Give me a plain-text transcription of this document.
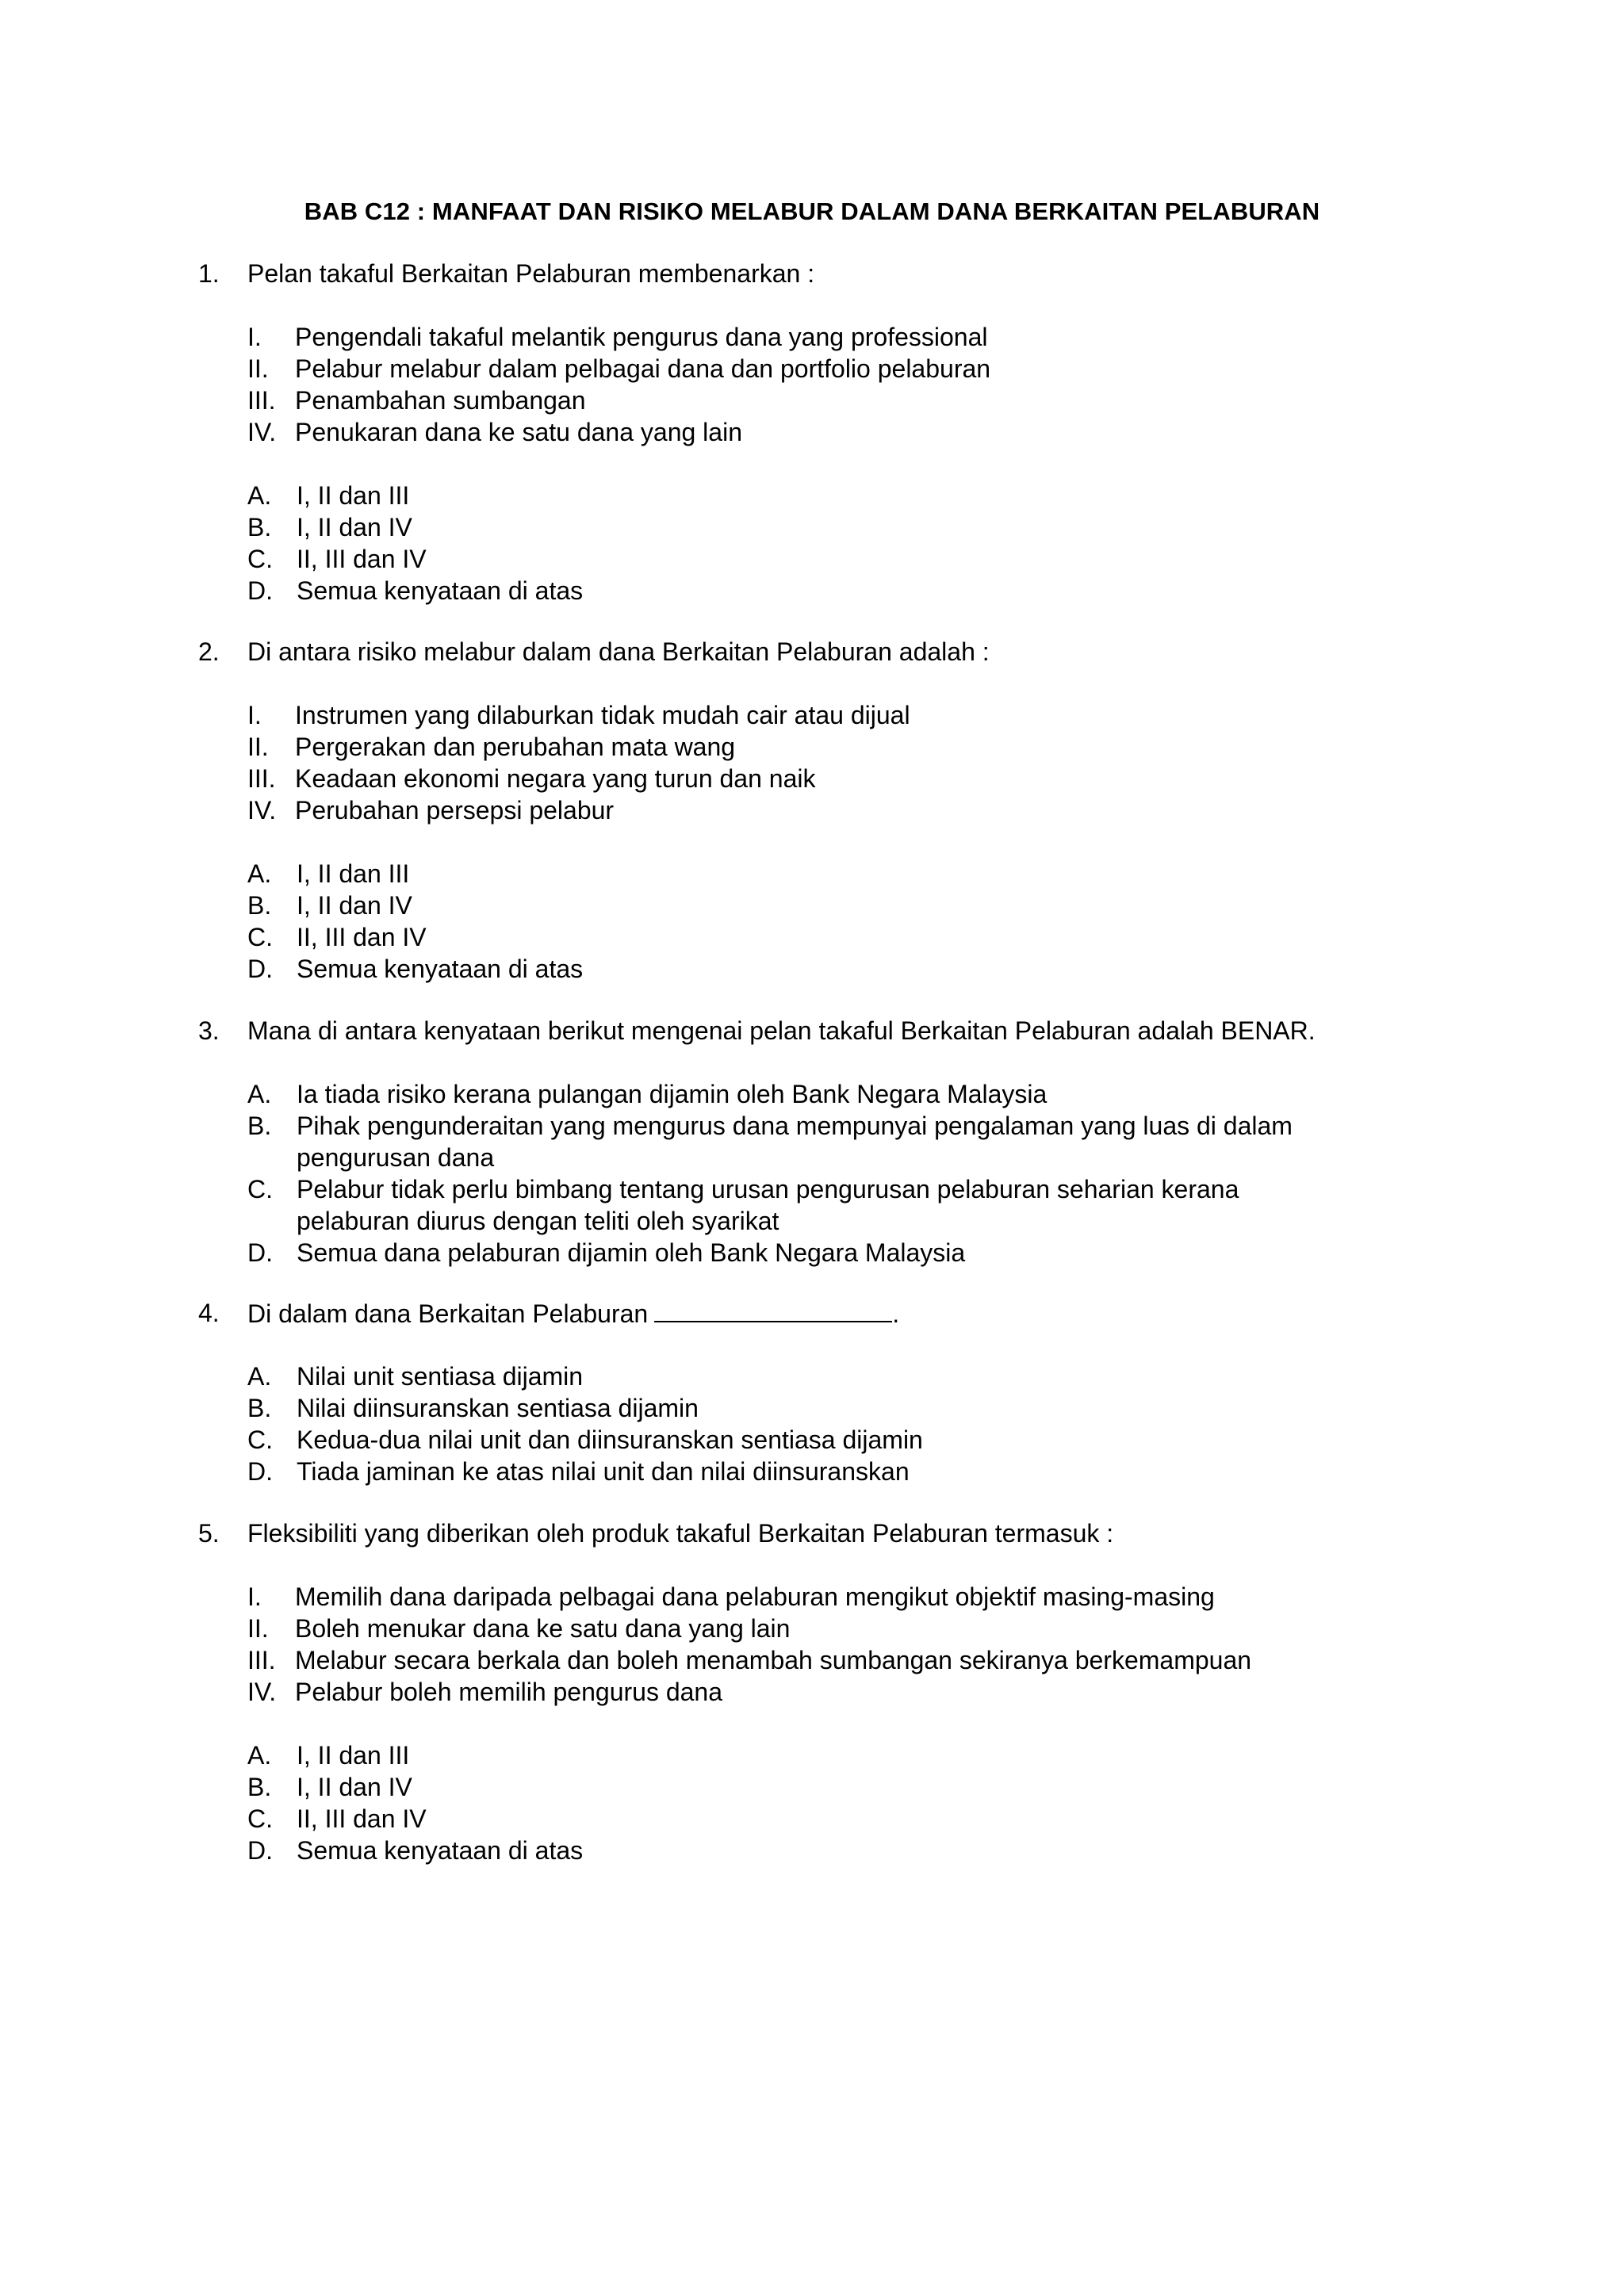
BAB C12 : MANFAAT DAN RISIKO MELABUR DALAM DANA BERKAITAN PELABURAN
1. Pelan takaful Berkaitan Pelaburan membenarkan :
I. Pengendali takaful melantik pengurus dana yang professional
II. Pelabur melabur dalam pelbagai dana dan portfolio pelaburan
III. Penambahan sumbangan
IV. Penukaran dana ke satu dana yang lain
A. I, II dan III
B. I, II dan IV
C. II, III dan IV
D. Semua kenyataan di atas
2. Di antara risiko melabur dalam dana Berkaitan Pelaburan adalah :
I. Instrumen yang dilaburkan tidak mudah cair atau dijual
II. Pergerakan dan perubahan mata wang
III. Keadaan ekonomi negara yang turun dan naik
IV. Perubahan persepsi pelabur
A. I, II dan III
B. I, II dan IV
C. II, III dan IV
D. Semua kenyataan di atas
3. Mana di antara kenyataan berikut mengenai pelan takaful Berkaitan Pelaburan adalah BENAR.
A. Ia tiada risiko kerana pulangan dijamin oleh Bank Negara Malaysia
B. Pihak pengunderaitan yang mengurus dana mempunyai pengalaman yang luas di dalam
pengurusan dana
C. Pelabur tidak perlu bimbang tentang urusan pengurusan pelaburan seharian kerana
pelaburan diurus dengan teliti oleh syarikat
D. Semua dana pelaburan dijamin oleh Bank Negara Malaysia
4. Di dalam dana Berkaitan Pelaburan	.
A. Nilai unit sentiasa dijamin
B. Nilai diinsuranskan sentiasa dijamin
C. Kedua-dua nilai unit dan diinsuranskan sentiasa dijamin
D. Tiada jaminan ke atas nilai unit dan nilai diinsuranskan
5. Fleksibiliti yang diberikan oleh produk takaful Berkaitan Pelaburan termasuk :
I. Memilih dana daripada pelbagai dana pelaburan mengikut objektif masing-masing
II. Boleh menukar dana ke satu dana yang lain
III. Melabur secara berkala dan boleh menambah sumbangan sekiranya berkemampuan
IV. Pelabur boleh memilih pengurus dana
A. I, II dan III
B. I, II dan IV
C. II, III dan IV
D. Semua kenyataan di atas
